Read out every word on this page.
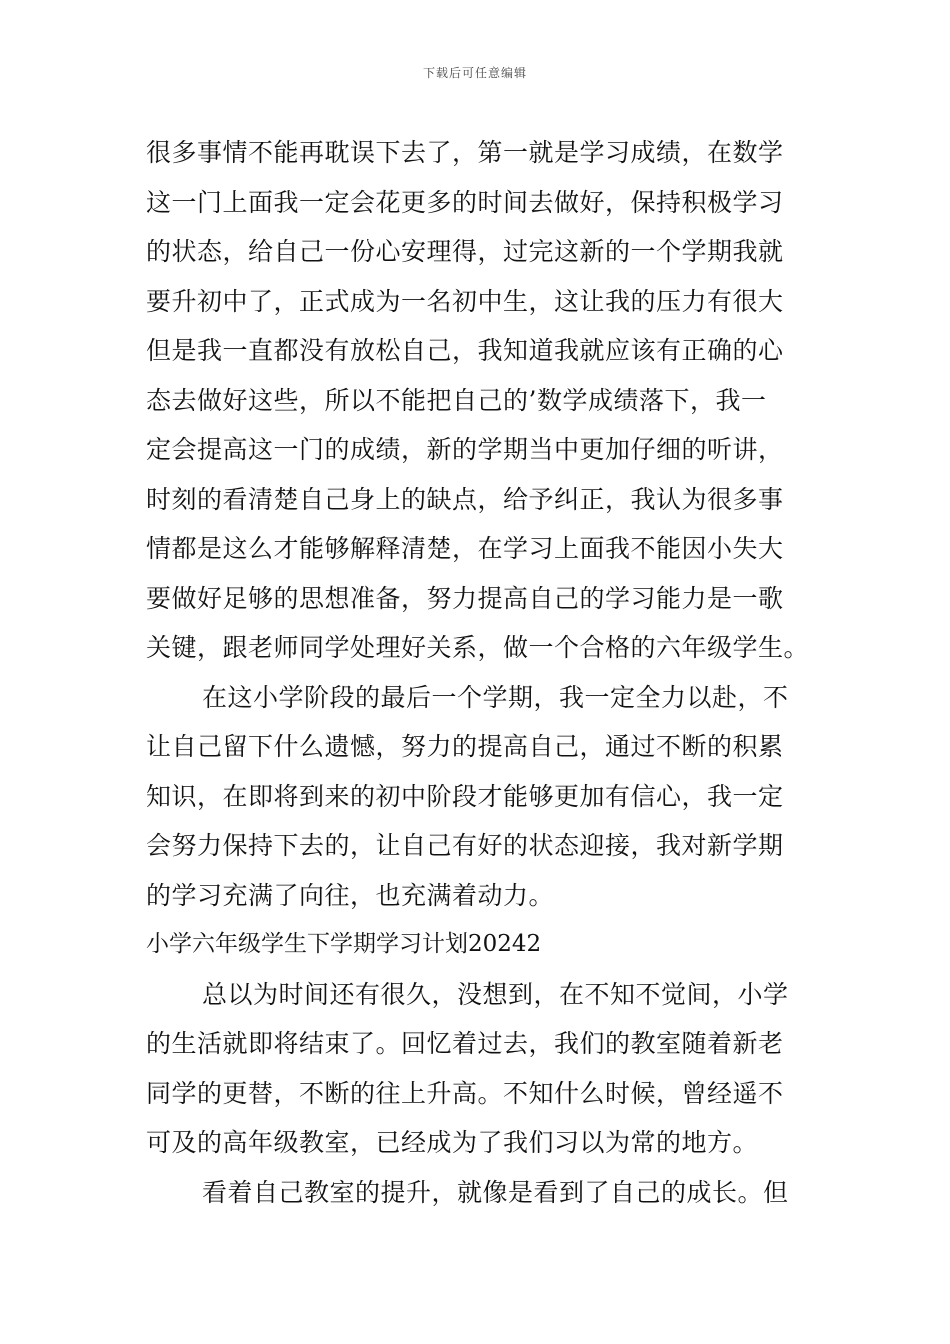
下载后可任意编辑
很多事情不能再耽误下去了，第一就是学习成绩，在数学
这一门上面我一定会花更多的时间去做好，保持积极学习
的状态，给自己一份心安理得，过完这新的一个学期我就
要升初中了，正式成为一名初中生，这让我的压力有很大
但是我一直都没有放松自己，我知道我就应该有正确的心
态去做好这些，所以不能把自己的’数学成绩落下，我一
定会提高这一门的成绩，新的学期当中更加仔细的听讲，
时刻的看清楚自己身上的缺点，给予纠正，我认为很多事
情都是这么才能够解释清楚，在学习上面我不能因小失大
要做好足够的思想准备，努力提高自己的学习能力是一歌
关键，跟老师同学处理好关系，做一个合格的六年级学生。
在这小学阶段的最后一个学期，我一定全力以赴，不
让自己留下什么遗憾，努力的提高自己，通过不断的积累
知识，在即将到来的初中阶段才能够更加有信心，我一定
会努力保持下去的，让自己有好的状态迎接，我对新学期
的学习充满了向往，也充满着动力。
小学六年级学生下学期学习计划20242
总以为时间还有很久，没想到，在不知不觉间，小学
的生活就即将结束了。回忆着过去，我们的教室随着新老
同学的更替，不断的往上升高。不知什么时候，曾经遥不
可及的高年级教室，已经成为了我们习以为常的地方。
看着自己教室的提升，就像是看到了自己的成长。但
